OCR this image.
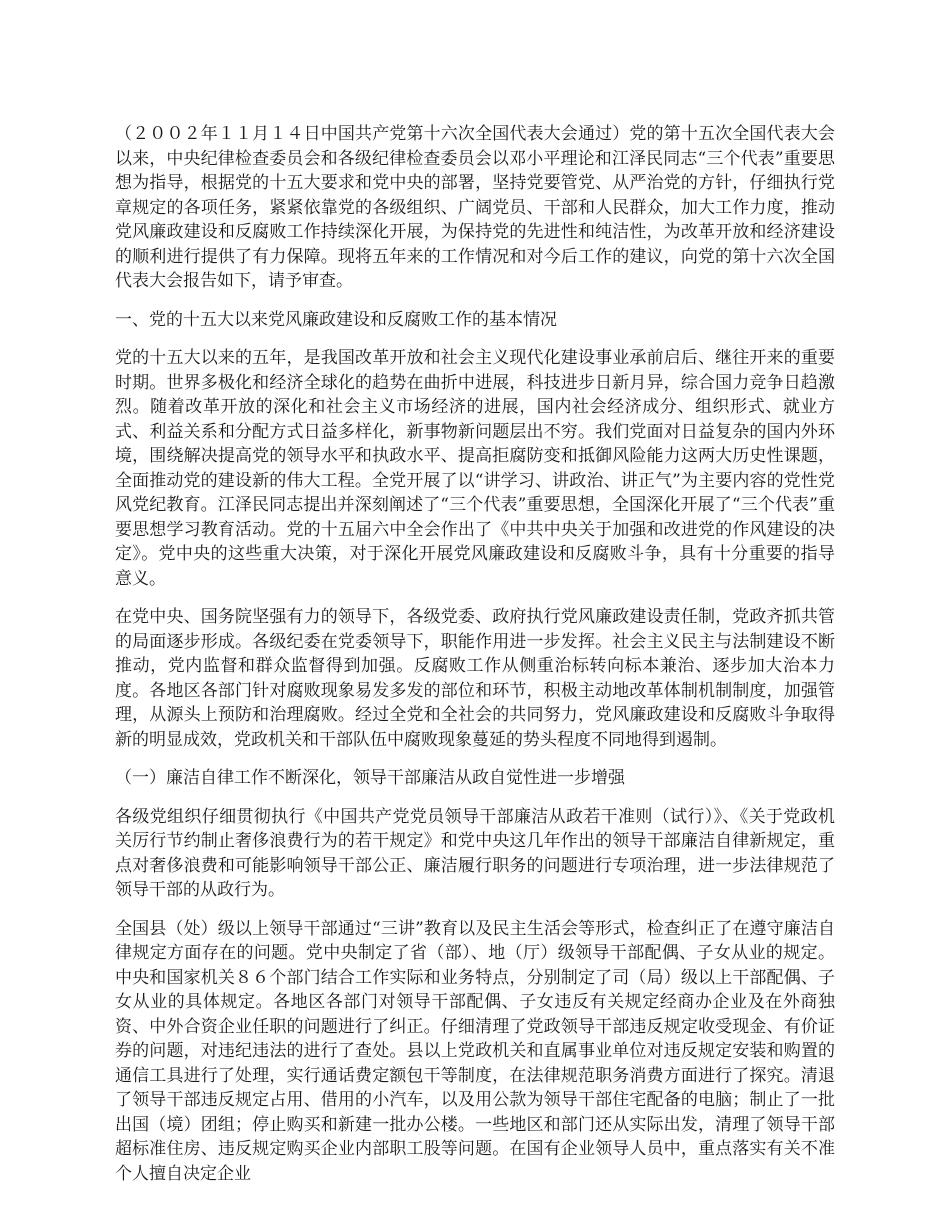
（２００２年１１月１４日中国共产党第十六次全国代表大会通过）党的第十五次全国代表大会以来，中央纪律检查委员会和各级纪律检查委员会以邓小平理论和江泽民同志“三个代表”重要思想为指导，根据党的十五大要求和党中央的部署，坚持党要管党、从严治党的方针，仔细执行党章规定的各项任务，紧紧依靠党的各级组织、广阔党员、干部和人民群众，加大工作力度，推动党风廉政建设和反腐败工作持续深化开展，为保持党的先进性和纯洁性，为改革开放和经济建设的顺利进行提供了有力保障。现将五年来的工作情况和对今后工作的建议，向党的第十六次全国代表大会报告如下，请予审查。

一、党的十五大以来党风廉政建设和反腐败工作的基本情况

党的十五大以来的五年，是我国改革开放和社会主义现代化建设事业承前启后、继往开来的重要时期。世界多极化和经济全球化的趋势在曲折中进展，科技进步日新月异，综合国力竞争日趋激烈。随着改革开放的深化和社会主义市场经济的进展，国内社会经济成分、组织形式、就业方式、利益关系和分配方式日益多样化，新事物新问题层出不穷。我们党面对日益复杂的国内外环境，围绕解决提高党的领导水平和执政水平、提高拒腐防变和抵御风险能力这两大历史性课题，全面推动党的建设新的伟大工程。全党开展了以“讲学习、讲政治、讲正气”为主要内容的党性党风党纪教育。江泽民同志提出并深刻阐述了“三个代表”重要思想，全国深化开展了“三个代表”重要思想学习教育活动。党的十五届六中全会作出了《中共中央关于加强和改进党的作风建设的决定》。党中央的这些重大决策，对于深化开展党风廉政建设和反腐败斗争，具有十分重要的指导意义。

在党中央、国务院坚强有力的领导下，各级党委、政府执行党风廉政建设责任制，党政齐抓共管的局面逐步形成。各级纪委在党委领导下，职能作用进一步发挥。社会主义民主与法制建设不断推动，党内监督和群众监督得到加强。反腐败工作从侧重治标转向标本兼治、逐步加大治本力度。各地区各部门针对腐败现象易发多发的部位和环节，积极主动地改革体制机制制度，加强管理，从源头上预防和治理腐败。经过全党和全社会的共同努力，党风廉政建设和反腐败斗争取得新的明显成效，党政机关和干部队伍中腐败现象蔓延的势头程度不同地得到遏制。

（一）廉洁自律工作不断深化，领导干部廉洁从政自觉性进一步增强

各级党组织仔细贯彻执行《中国共产党党员领导干部廉洁从政若干准则（试行）》、《关于党政机关厉行节约制止奢侈浪费行为的若干规定》和党中央这几年作出的领导干部廉洁自律新规定，重点对奢侈浪费和可能影响领导干部公正、廉洁履行职务的问题进行专项治理，进一步法律规范了领导干部的从政行为。

全国县（处）级以上领导干部通过“三讲”教育以及民主生活会等形式，检查纠正了在遵守廉洁自律规定方面存在的问题。党中央制定了省（部）、地（厅）级领导干部配偶、子女从业的规定。中央和国家机关８６个部门结合工作实际和业务特点，分别制定了司（局）级以上干部配偶、子女从业的具体规定。各地区各部门对领导干部配偶、子女违反有关规定经商办企业及在外商独资、中外合资企业任职的问题进行了纠正。仔细清理了党政领导干部违反规定收受现金、有价证券的问题，对违纪违法的进行了查处。县以上党政机关和直属事业单位对违反规定安装和购置的通信工具进行了处理，实行通话费定额包干等制度，在法律规范职务消费方面进行了探究。清退了领导干部违反规定占用、借用的小汽车，以及用公款为领导干部住宅配备的电脑；制止了一批出国（境）团组；停止购买和新建一批办公楼。一些地区和部门还从实际出发，清理了领导干部超标准住房、违反规定购买企业内部职工股等问题。在国有企业领导人员中，重点落实有关不准个人擅自决定企业
